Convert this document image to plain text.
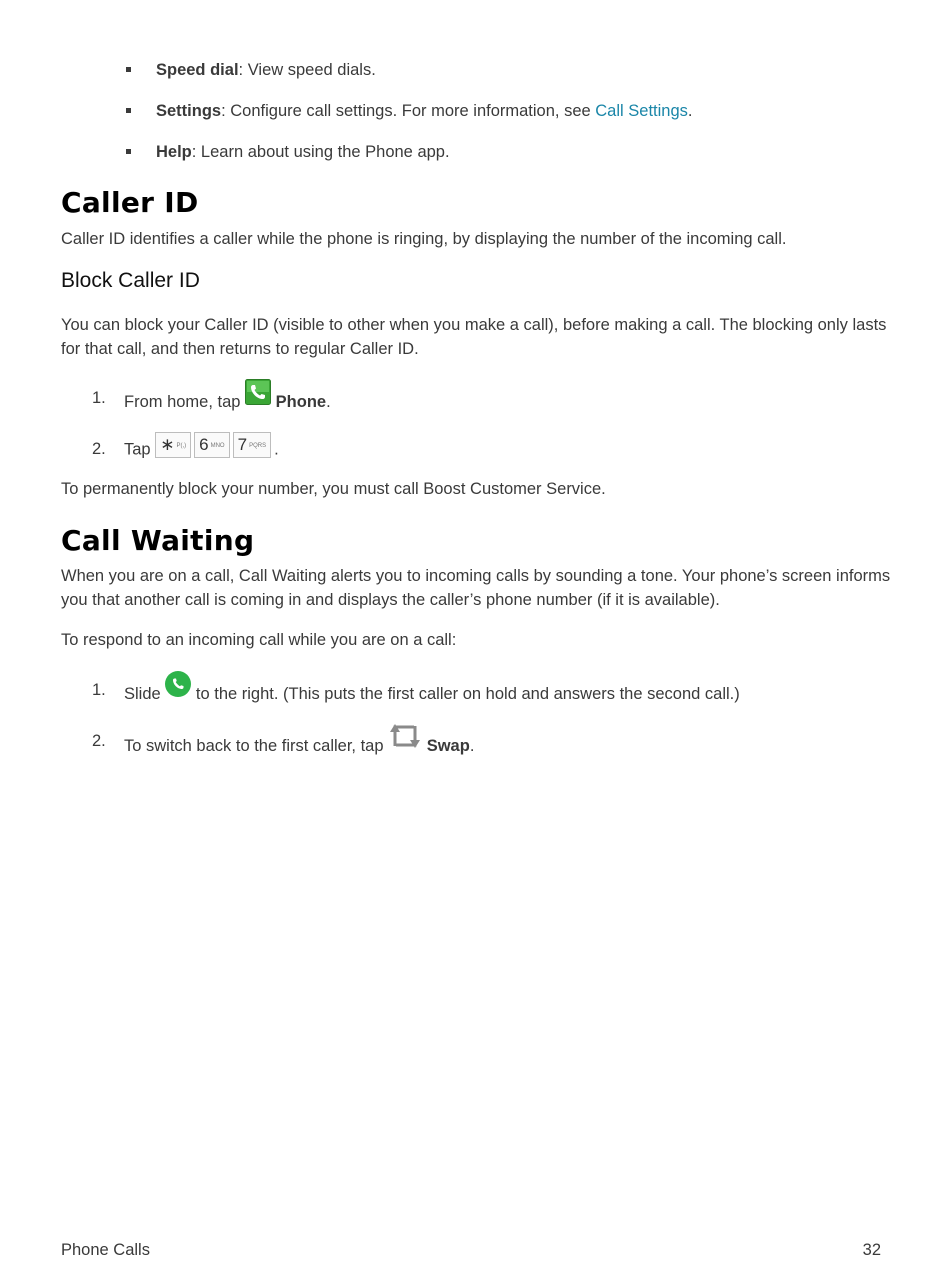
Speed dial: View speed dials.
Settings: Configure call settings. For more information, see Call Settings.
Help: Learn about using the Phone app.
Caller ID
Caller ID identifies a caller while the phone is ringing, by displaying the number of the incoming call.
Block Caller ID
You can block your Caller ID (visible to other when you make a call), before making a call. The blocking only lasts for that call, and then returns to regular Caller ID.
1. From home, tap Phone.
2. Tap ∗ P(,) 6 MNO 7 PQRS .
To permanently block your number, you must call Boost Customer Service.
Call Waiting
When you are on a call, Call Waiting alerts you to incoming calls by sounding a tone. Your phone’s screen informs you that another call is coming in and displays the caller’s phone number (if it is available).
To respond to an incoming call while you are on a call:
1. Slide to the right. (This puts the first caller on hold and answers the second call.)
2. To switch back to the first caller, tap	Swap.
Phone Calls	32
